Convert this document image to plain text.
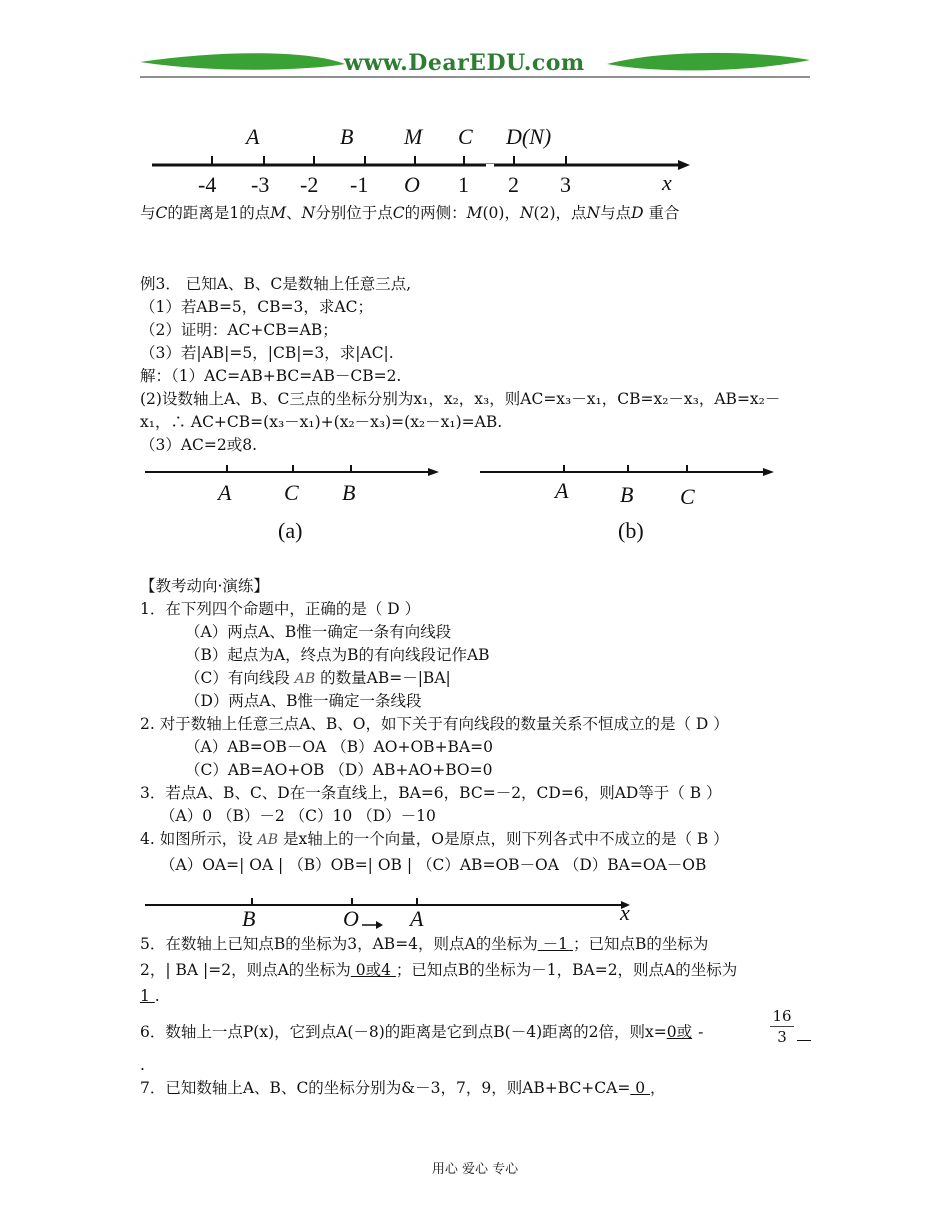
www.DearEDU.com
A	B M C D(N)
-4 -3 -2 -1 O 1 2 3	x
与C的距离是1的点M、N分别位于点C的两侧：M(0)，N(2)，点N与点D 重合
例3． 已知A、B、C是数轴上任意三点,
（1）若AB=5，CB=3，求AC；
（2）证明：AC+CB=AB；
（3）若|AB|=5，|CB|=3，求|AC|.
解：（1）AC=AB+BC=AB－CB=2.
(2)设数轴上A、B、C三点的坐标分别为x₁，x₂，x₃，则AC=x₃－x₁，CB=x₂－x₃，AB=x₂－
x₁，∴ AC+CB=(x₃－x₁)+(x₂－x₃)=(x₂－x₁)=AB.
（3）AC=2或8.
A C B
(a)
A B C
(b)
【教考动向·演练】
1．在下列四个命题中，正确的是（ D ）
（A）两点A、B惟一确定一条有向线段
（B）起点为A，终点为B的有向线段记作AB
（C）有向线段 AB 的数量AB=－|BA|
（D）两点A、B惟一确定一条线段
2. 对于数轴上任意三点A、B、O，如下关于有向线段的数量关系不恒成立的是（ D ）
（A）AB=OB－OA （B）AO+OB+BA=0
（C）AB=AO+OB （D）AB+AO+BO=0
3．若点A、B、C、D在一条直线上，BA=6，BC=－2，CD=6，则AD等于（ B ）
（A）0 （B）－2 （C）10 （D）－10
4. 如图所示，设 AB 是x轴上的一个向量，O是原点，则下列各式中不成立的是（ B ）
（A）OA=| OA | （B）OB=| OB | （C）AB=OB－OA （D）BA=OA－OB
B	O A	x
5．在数轴上已知点B的坐标为3，AB=4，则点A的坐标为 －1 ；已知点B的坐标为
2，| BA |=2，则点A的坐标为 0或4 ；已知点B的坐标为－1，BA=2，则点A的坐标为
1 .
6．数轴上一点P(x)，它到点A(－8)的距离是它到点B(－4)距离的2倍，则x=0或 -
16
3
.
7．已知数轴上A、B、C的坐标分别为&－3，7，9，则AB+BC+CA= 0 ，
用心 爱心 专心
